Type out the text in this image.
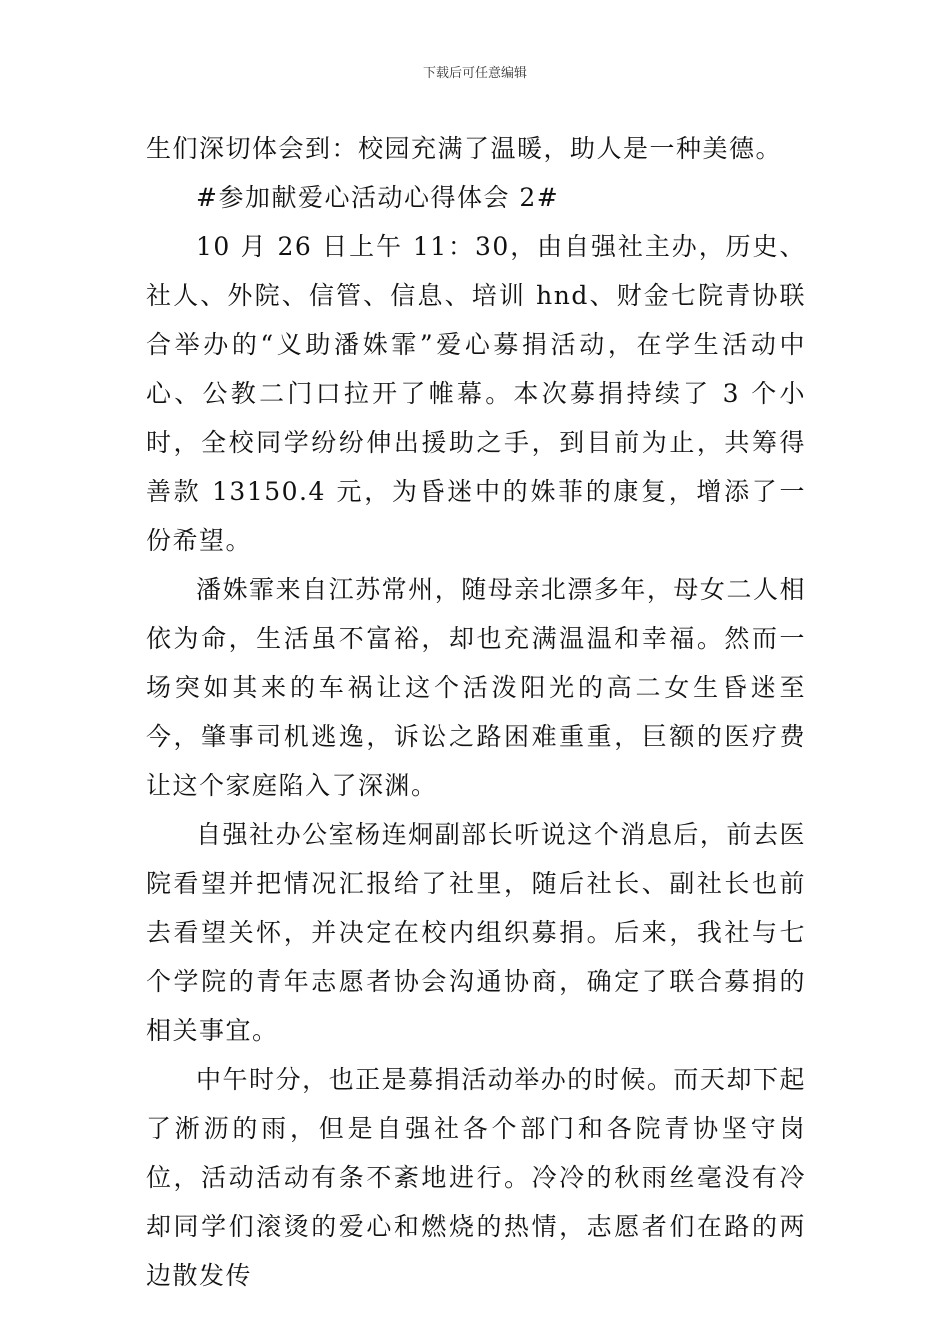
下载后可任意编辑

生们深切体会到：校园充满了温暖，助人是一种美德。

#参加献爱心活动心得体会 2#

10 月 26 日上午 11：30，由自强社主办，历史、社人、外院、信管、信息、培训 hnd、财金七院青协联合举办的“义助潘姝霏”爱心募捐活动，在学生活动中心、公教二门口拉开了帷幕。本次募捐持续了 3 个小时，全校同学纷纷伸出援助之手，到目前为止，共筹得善款 13150.4 元，为昏迷中的姝菲的康复，增添了一份希望。

潘姝霏来自江苏常州，随母亲北漂多年，母女二人相依为命，生活虽不富裕，却也充满温温和幸福。然而一场突如其来的车祸让这个活泼阳光的高二女生昏迷至今，肇事司机逃逸，诉讼之路困难重重，巨额的医疗费让这个家庭陷入了深渊。

自强社办公室杨连炯副部长听说这个消息后，前去医院看望并把情况汇报给了社里，随后社长、副社长也前去看望关怀，并决定在校内组织募捐。后来，我社与七个学院的青年志愿者协会沟通协商，确定了联合募捐的相关事宜。

中午时分，也正是募捐活动举办的时候。而天却下起了淅沥的雨，但是自强社各个部门和各院青协坚守岗位，活动活动有条不紊地进行。冷冷的秋雨丝毫没有冷却同学们滚烫的爱心和燃烧的热情，志愿者们在路的两边散发传
